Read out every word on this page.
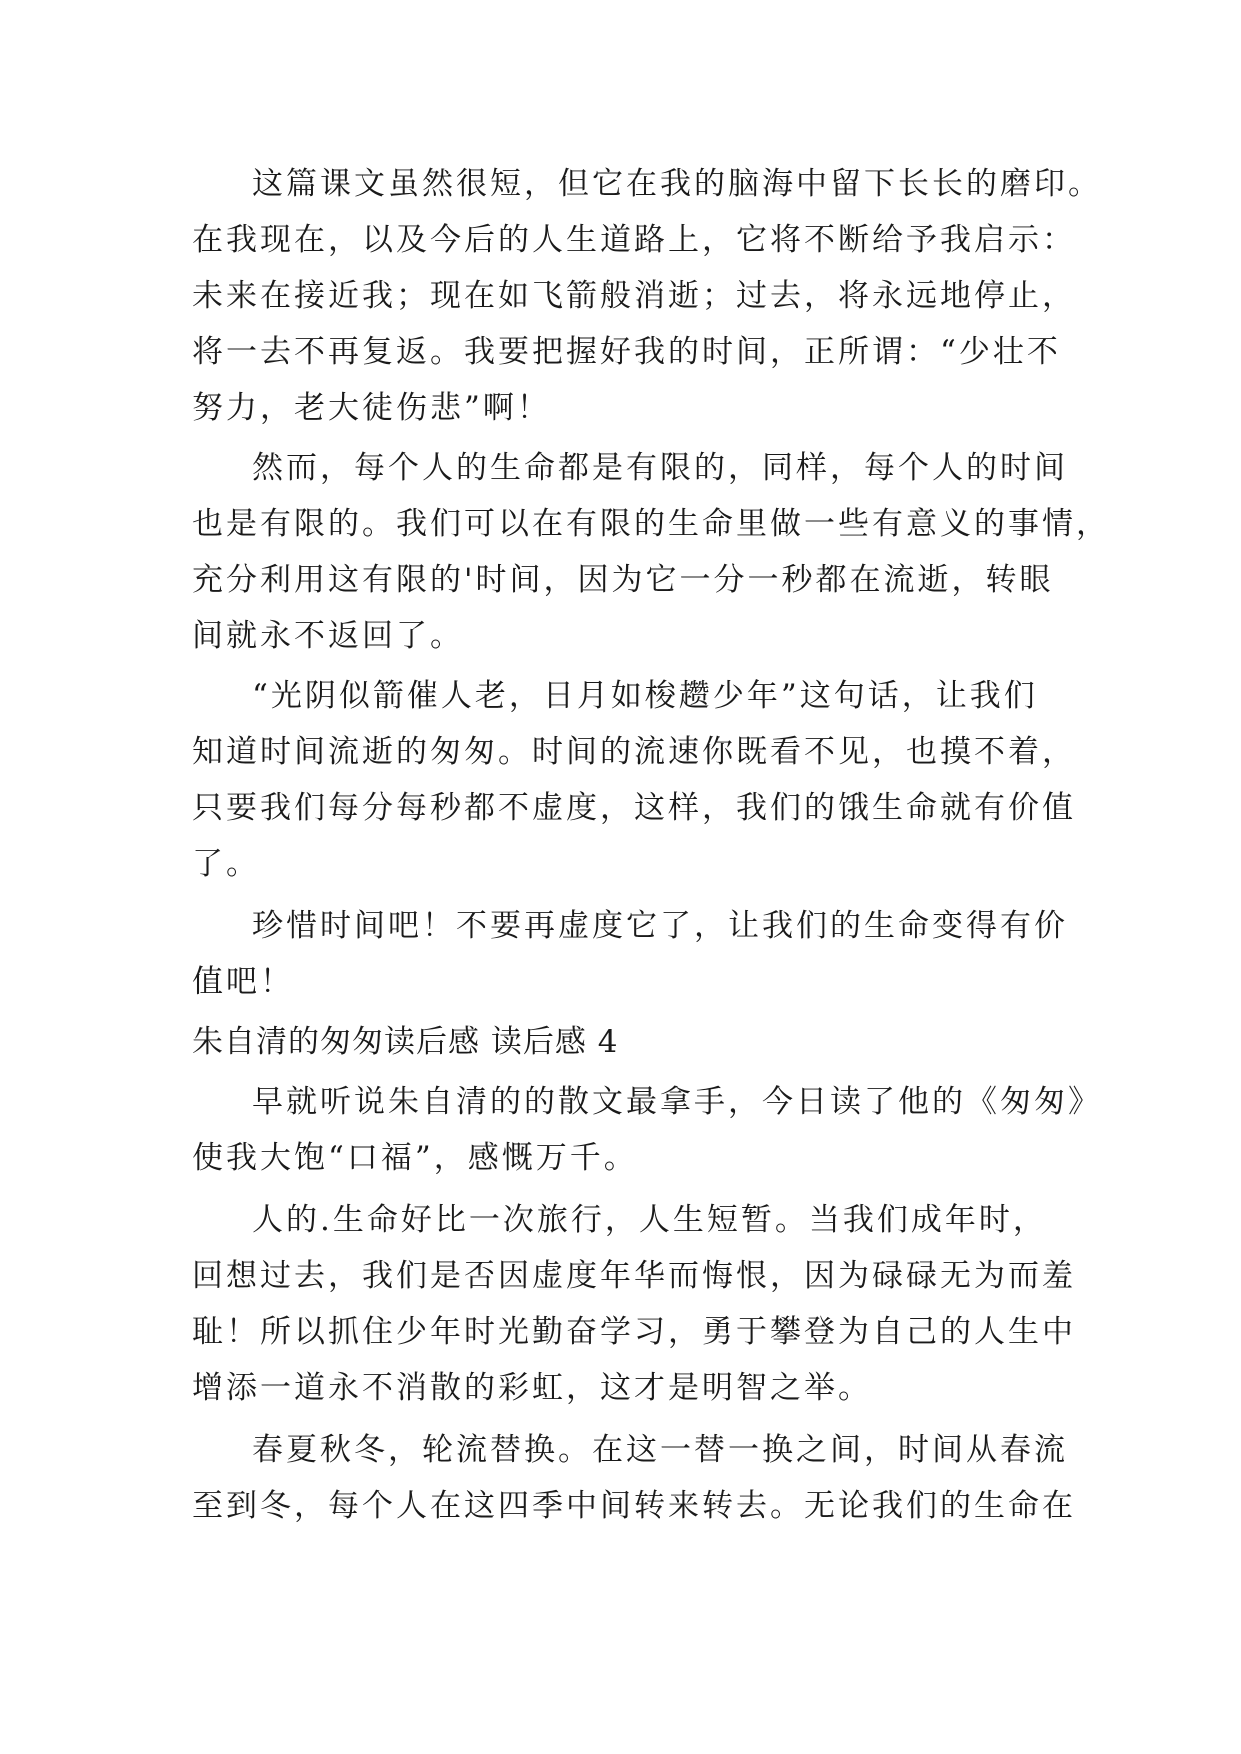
这篇课文虽然很短，但它在我的脑海中留下长长的磨印。
在我现在，以及今后的人生道路上，它将不断给予我启示：
未来在接近我；现在如飞箭般消逝；过去，将永远地停止，
将一去不再复返。我要把握好我的时间，正所谓：“少壮不
努力，老大徒伤悲”啊！
然而，每个人的生命都是有限的，同样，每个人的时间
也是有限的。我们可以在有限的生命里做一些有意义的事情，
充分利用这有限的'时间，因为它一分一秒都在流逝，转眼
间就永不返回了。
“光阴似箭催人老，日月如梭趱少年”这句话，让我们
知道时间流逝的匆匆。时间的流速你既看不见，也摸不着，
只要我们每分每秒都不虚度，这样，我们的饿生命就有价值
了。
珍惜时间吧！不要再虚度它了，让我们的生命变得有价
值吧！
朱自清的匆匆读后感 读后感 4
早就听说朱自清的的散文最拿手，今日读了他的《匆匆》
使我大饱“口福”，感慨万千。
人的.生命好比一次旅行，人生短暂。当我们成年时，
回想过去，我们是否因虚度年华而悔恨，因为碌碌无为而羞
耻！所以抓住少年时光勤奋学习，勇于攀登为自己的人生中
增添一道永不消散的彩虹，这才是明智之举。
春夏秋冬，轮流替换。在这一替一换之间，时间从春流
至到冬，每个人在这四季中间转来转去。无论我们的生命在
